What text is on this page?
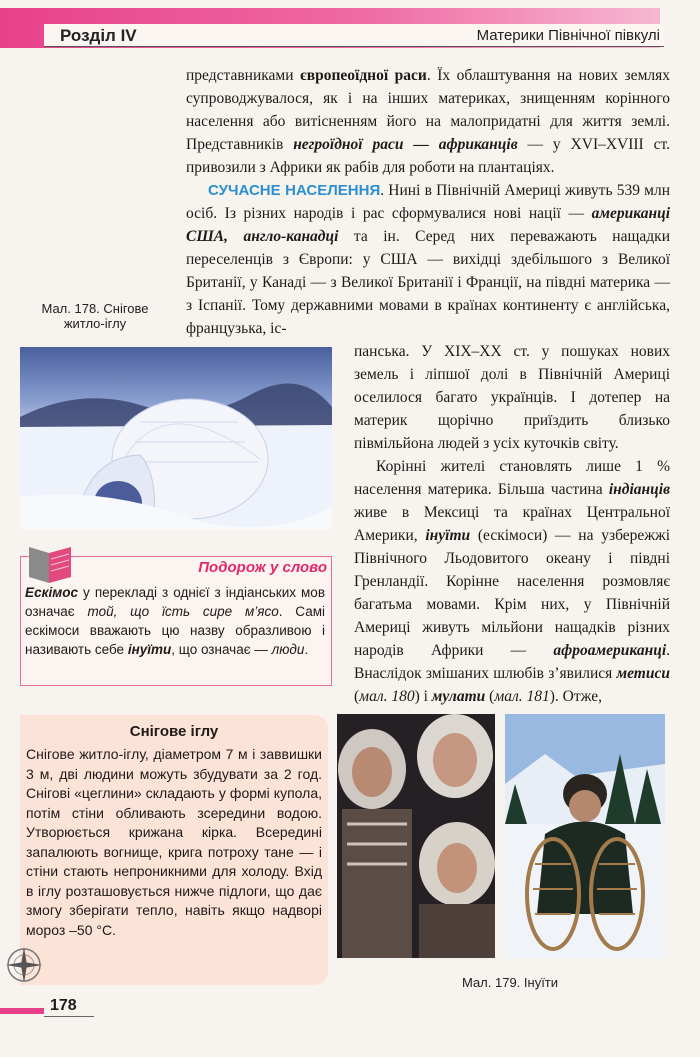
Розділ IV	Материки Північної півкулі

представниками європеоїдної раси. Їх облаштування на нових землях супроводжувалося, як і на інших материках, знищенням корінного населення або витісненням його на малопридатні для життя землі. Представників негроїдної раси — африканців — у XVI–XVIII ст. привозили з Африки як рабів для роботи на плантаціях.

СУЧАСНЕ НАСЕЛЕННЯ. Нині в Північній Америці живуть 539 млн осіб. Із різних народів і рас сформувалися нові нації — американці США, англо-канадці та ін. Серед них переважають нащадки переселенців з Європи: у США — вихідці здебільшого з Великої Британії, у Канаді — з Великої Британії і Франції, на півдні материка — з Іспанії. Тому державними мовами в країнах континенту є англійська, французька, іс-

панська. У XIX–XX ст. у пошуках нових земель і ліпшої долі в Північній Америці оселилося багато українців. І дотепер на материк щорічно приїздить близько півмільйона людей з усіх куточків світу.

Корінні жителі становлять лише 1 % населення материка. Більша частина індіанців живе в Мексиці та країнах Центральної Америки, інуїти (ескімоси) — на узбережжі Північного Льодовитого океану і півдні Гренландії. Корінне населення розмовляє багатьма мовами. Крім них, у Північній Америці живуть мільйони нащадків різних народів Африки — афроамериканці. Внаслідок змішаних шлюбів з’явилися метиси (мал. 180) і мулати (мал. 181). Отже,

Мал. 178. Снігове житло-іглу
Подорож у слово

Ескімос у перекладі з однієї з індіанських мов означає той, що їсть сире м’ясо. Самі ескімоси вважають цю назву образливою і називають себе інуїти, що означає — люди.

Снігове іглу

Снігове житло-іглу, діаметром 7 м і заввишки 3 м, дві людини можуть збудувати за 2 год. Снігові «цеглини» складають у формі купола, потім стіни обливають зсередини водою. Утворюється крижана кірка. Всередині запалюють вогнище, крига потроху тане — і стіни стають непроникними для холоду. Вхід в іглу розташовується нижче підлоги, що дає змогу зберігати тепло, навіть якщо надворі мороз –50 °С.

Мал. 179. Інуїти
178
